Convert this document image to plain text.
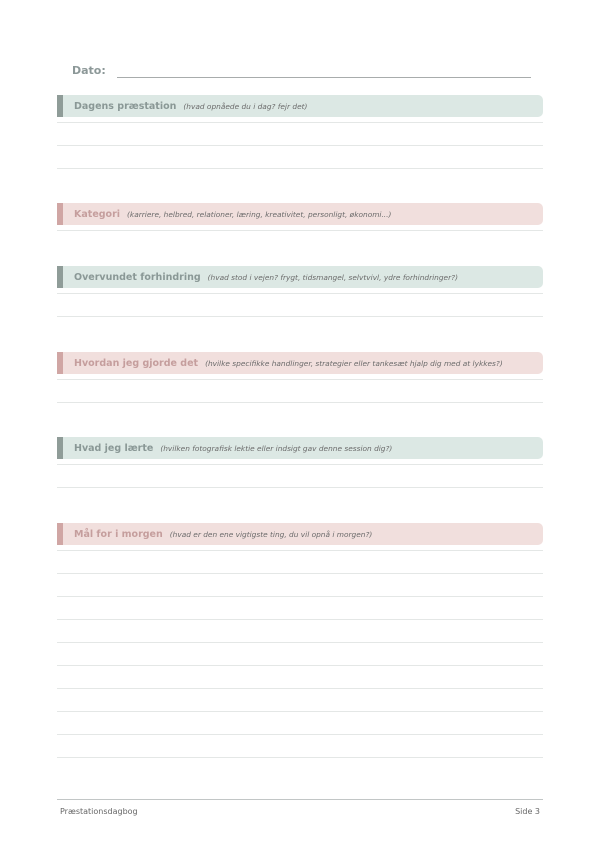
Dato:
Dagens præstation (hvad opnåede du i dag? fejr det)
Kategori (karriere, helbred, relationer, læring, kreativitet, personligt, økonomi...)
Overvundet forhindring (hvad stod i vejen? frygt, tidsmangel, selvtvivl, ydre forhindringer?)
Hvordan jeg gjorde det (hvilke specifikke handlinger, strategier eller tankesæt hjalp dig med at lykkes?)
Hvad jeg lærte (hvilken fotografisk lektie eller indsigt gav denne session dig?)
Mål for i morgen (hvad er den ene vigtigste ting, du vil opnå i morgen?)
Præstationsdagbog	Side 3
